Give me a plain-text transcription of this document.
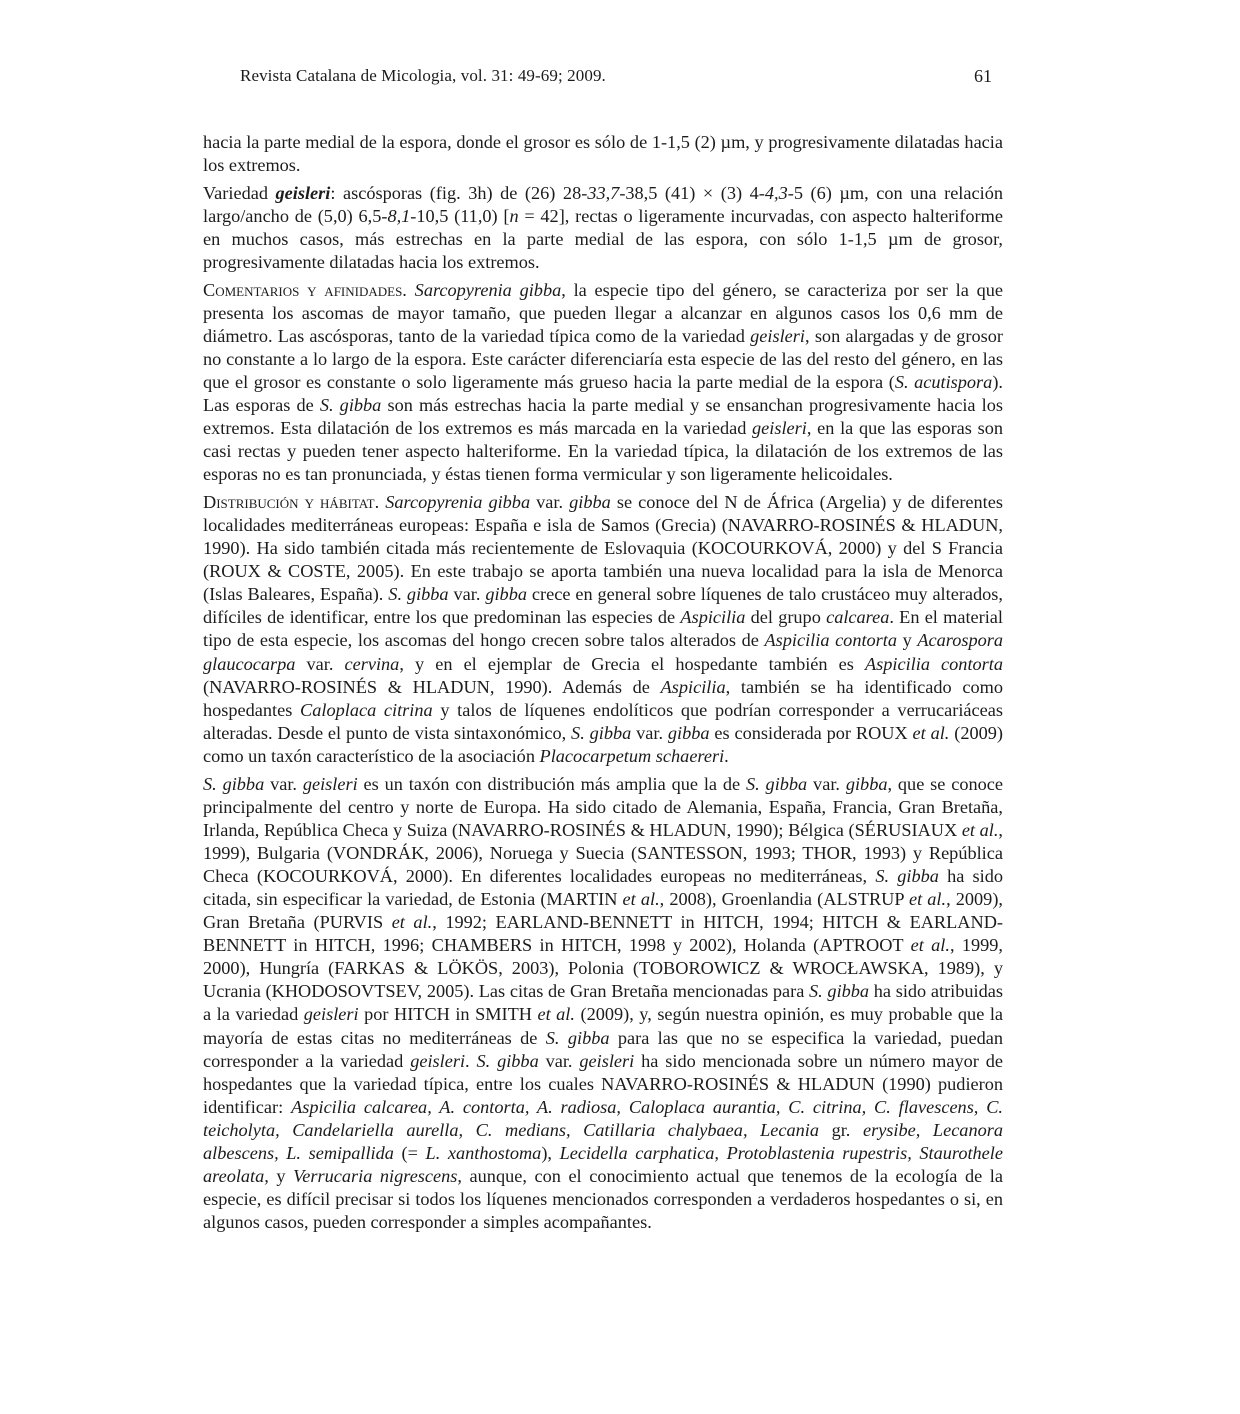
Revista Catalana de Micologia, vol. 31: 49-69; 2009.	61

hacia la parte medial de la espora, donde el grosor es sólo de 1-1,5 (2) µm, y progresivamente dilatadas hacia los extremos.

Variedad geisleri: ascósporas (fig. 3h) de (26) 28-33,7-38,5 (41) × (3) 4-4,3-5 (6) µm, con una relación largo/ancho de (5,0) 6,5-8,1-10,5 (11,0) [n = 42], rectas o ligeramente incurvadas, con aspecto halteriforme en muchos casos, más estrechas en la parte medial de las espora, con sólo 1-1,5 µm de grosor, progresivamente dilatadas hacia los extremos.

Comentarios y afinidades. Sarcopyrenia gibba, la especie tipo del género, se caracteriza por ser la que presenta los ascomas de mayor tamaño, que pueden llegar a alcanzar en algunos casos los 0,6 mm de diámetro. Las ascósporas, tanto de la variedad típica como de la variedad geisleri, son alargadas y de grosor no constante a lo largo de la espora. Este carácter diferenciaría esta especie de las del resto del género, en las que el grosor es constante o solo ligeramente más grueso hacia la parte medial de la espora (S. acutispora). Las esporas de S. gibba son más estrechas hacia la parte medial y se ensanchan progresivamente hacia los extremos. Esta dilatación de los extremos es más marcada en la variedad geisleri, en la que las esporas son casi rectas y pueden tener aspecto halteriforme. En la variedad típica, la dilatación de los extremos de las esporas no es tan pronunciada, y éstas tienen forma vermicular y son ligeramente helicoidales.

Distribución y hábitat. Sarcopyrenia gibba var. gibba se conoce del N de África (Argelia) y de diferentes localidades mediterráneas europeas: España e isla de Samos (Grecia) (NAVARRO-ROSINÉS & HLADUN, 1990). Ha sido también citada más recientemente de Eslovaquia (KOCOURKOVÁ, 2000) y del S Francia (ROUX & COSTE, 2005). En este trabajo se aporta también una nueva localidad para la isla de Menorca (Islas Baleares, España). S. gibba var. gibba crece en general sobre líquenes de talo crustáceo muy alterados, difíciles de identificar, entre los que predominan las especies de Aspicilia del grupo calcarea. En el material tipo de esta especie, los ascomas del hongo crecen sobre talos alterados de Aspicilia contorta y Acarospora glaucocarpa var. cervina, y en el ejemplar de Grecia el hospedante también es Aspicilia contorta (NAVARRO-ROSINÉS & HLADUN, 1990). Además de Aspicilia, también se ha identificado como hospedantes Caloplaca citrina y talos de líquenes endolíticos que podrían corresponder a verrucariáceas alteradas. Desde el punto de vista sintaxonómico, S. gibba var. gibba es considerada por ROUX et al. (2009) como un taxón característico de la asociación Placocarpetum schaereri.

S. gibba var. geisleri es un taxón con distribución más amplia que la de S. gibba var. gibba, que se conoce principalmente del centro y norte de Europa. Ha sido citado de Alemania, España, Francia, Gran Bretaña, Irlanda, República Checa y Suiza (NAVARRO-ROSINÉS & HLADUN, 1990); Bélgica (SÉRUSIAUX et al., 1999), Bulgaria (VONDRÁK, 2006), Noruega y Suecia (SANTESSON, 1993; THOR, 1993) y República Checa (KOCOURKOVÁ, 2000). En diferentes localidades europeas no mediterráneas, S. gibba ha sido citada, sin especificar la variedad, de Estonia (MARTIN et al., 2008), Groenlandia (ALSTRUP et al., 2009), Gran Bretaña (PURVIS et al., 1992; EARLAND-BENNETT in HITCH, 1994; HITCH & EARLAND-BENNETT in HITCH, 1996; CHAMBERS in HITCH, 1998 y 2002), Holanda (APTROOT et al., 1999, 2000), Hungría (FARKAS & LÖKÖS, 2003), Polonia (TOBOROWICZ & WROCŁAWSKA, 1989), y Ucrania (KHODOSOVTSEV, 2005). Las citas de Gran Bretaña mencionadas para S. gibba ha sido atribuidas a la variedad geisleri por HITCH in SMITH et al. (2009), y, según nuestra opinión, es muy probable que la mayoría de estas citas no mediterráneas de S. gibba para las que no se especifica la variedad, puedan corresponder a la variedad geisleri. S. gibba var. geisleri ha sido mencionada sobre un número mayor de hospedantes que la variedad típica, entre los cuales NAVARRO-ROSINÉS & HLADUN (1990) pudieron identificar: Aspicilia calcarea, A. contorta, A. radiosa, Caloplaca aurantia, C. citrina, C. flavescens, C. teicholyta, Candelariella aurella, C. medians, Catillaria chalybaea, Lecania gr. erysibe, Lecanora albescens, L. semipallida (= L. xanthostoma), Lecidella carphatica, Protoblastenia rupestris, Staurothele areolata, y Verrucaria nigrescens, aunque, con el conocimiento actual que tenemos de la ecología de la especie, es difícil precisar si todos los líquenes mencionados corresponden a verdaderos hospedantes o si, en algunos casos, pueden corresponder a simples acompañantes.
